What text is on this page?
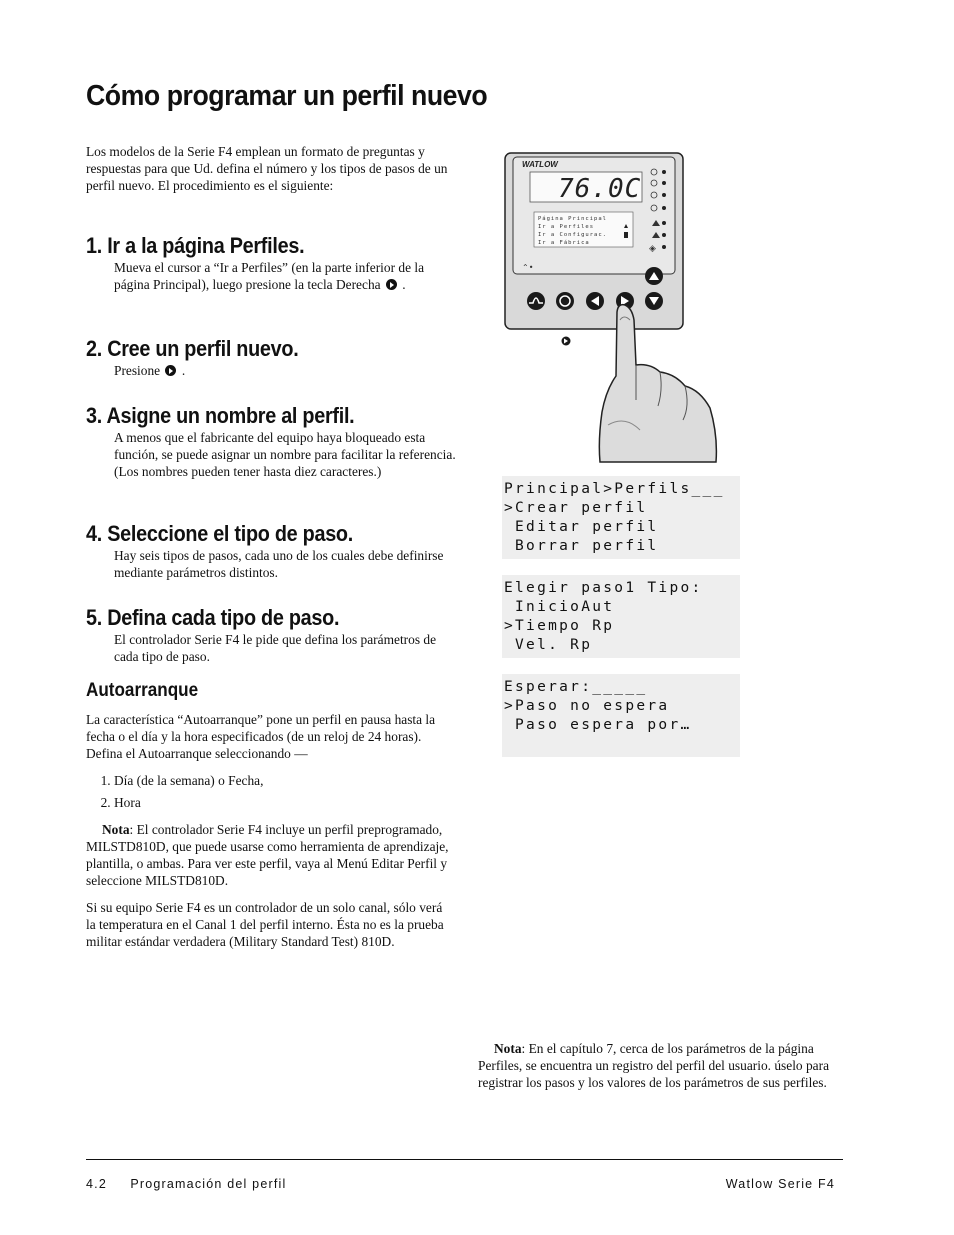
Cómo programar un perfil nuevo
Los modelos de la Serie F4 emplean un formato de preguntas y respuestas para que Ud. defina el número y los tipos de pasos de un perfil nuevo. El procedimiento es el siguiente:
1. Ir a la página Perfiles.
Mueva el cursor a “Ir a Perfiles” (en la parte inferior de la página Principal), luego presione la tecla Derecha .
2. Cree un perfil nuevo.
Presione .
3. Asigne un nombre al perfil.
A menos que el fabricante del equipo haya bloqueado esta función, se puede asignar un nombre para facilitar la referencia. (Los nombres pueden tener hasta diez caracteres.)
4. Seleccione el tipo de paso.
Hay seis tipos de pasos, cada uno de los cuales debe definirse mediante parámetros distintos.
5. Defina cada tipo de paso.
El controlador Serie F4 le pide que defina los parámetros de cada tipo de paso.
Autoarranque

La característica “Autoarranque” pone un perfil en pausa hasta la fecha o el día y la hora especificados (de un reloj de 24 horas). Defina el Autoarranque seleccionando —

1. Día (de la semana) o Fecha,
2. Hora

Nota: El controlador Serie F4 incluye un perfil preprogramado, MILSTD810D, que puede usarse como herramienta de aprendizaje, plantilla, o ambas. Para ver este perfil, vaya al Menú Editar Perfil y seleccione MILSTD810D.

Si su equipo Serie F4 es un controlador de un solo canal, sólo verá la temperatura en el Canal 1 del perfil interno. Ésta no es la prueba militar estándar verdadera (Military Standard Test) 810D.

WATLOW
76.0C
Página Principal
Ir a Perfiles
Ir a Configurac.
Ir a Fábrica
◈
⌃•
Principal>Perfils___
>Crear perfil
Editar perfil
Borrar perfil
Elegir paso1 Tipo:
InicioAut
>Tiempo Rp
Vel. Rp
Esperar:_____
>Paso no espera
Paso espera por…
Nota: En el capítulo 7, cerca de los parámetros de la página Perfiles, se encuentra un registro del perfil del usuario. úselo para registrar los pasos y los valores de los parámetros de sus perfiles.
4.2     Programación del perfil	Watlow Serie F4
